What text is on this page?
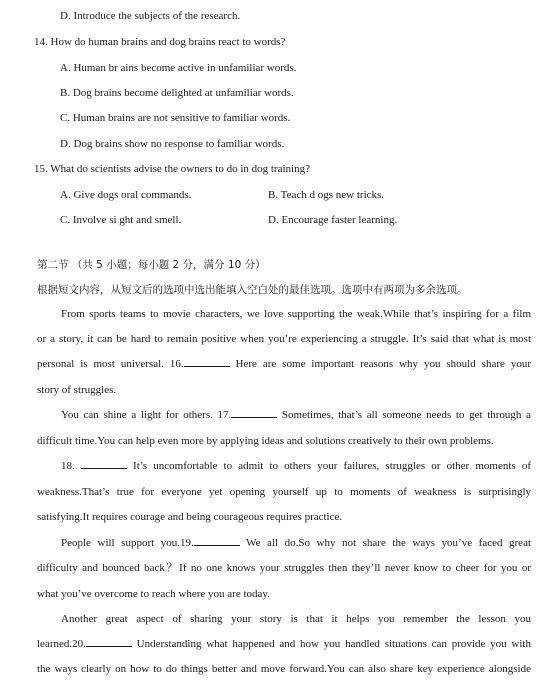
D. Introduce the subjects of the research.
14. How do human brains and dog brains react to words?
A. Human br ains become active in unfamiliar words.
B. Dog brains become delighted at unfamiliar words.
C. Human brains are not sensitive to familiar words.
D. Dog brains show no response to familiar words.
15. What do scientists advise the owners to do in dog training?
A. Give dogs oral commands.	B. Teach d ogs new tricks.
C. Involve si ght and smell.	D. Encourage faster learning.
第二节 （共 5 小题；每小题 2 分，满分 10 分）
根据短文内容，从短文后的选项中选出能填入空白处的最佳选项。选项中有两项为多余选项。
From sports teams to movie characters, we love supporting the weak.While that’s inspiring for a film
or a story, it can be hard to remain positive when you’re experiencing a struggle. It’s said that what is most
personal is most universal. 16.	Here are some important reasons why you should share your
story of struggles.
You can shine a light for others. 17.	Sometimes, that’s all someone needs to get through a
difficult time.You can help even more by applying ideas and solutions creatively to their own problems.
18.	It’s uncomfortable to admit to others your failures, struggles or other moments of
weakness.That’s true for everyone yet opening yourself up to moments of weakness is surprisingly
satisfying.It requires courage and being courageous requires practice.
People will support you.19.	We all do.So why not share the ways you’ve faced great
difficulty and bounced back？If no one knows your struggles then they’ll never know to cheer for you or
what you’ve overcome to reach where you are today.
Another great aspect of sharing your story is that it helps you remember the lesson you
learned.20.	Understanding what happened and how you handled situations can provide you with
the ways clearly on how to do things better and move forward.You can also share key experience alongside
